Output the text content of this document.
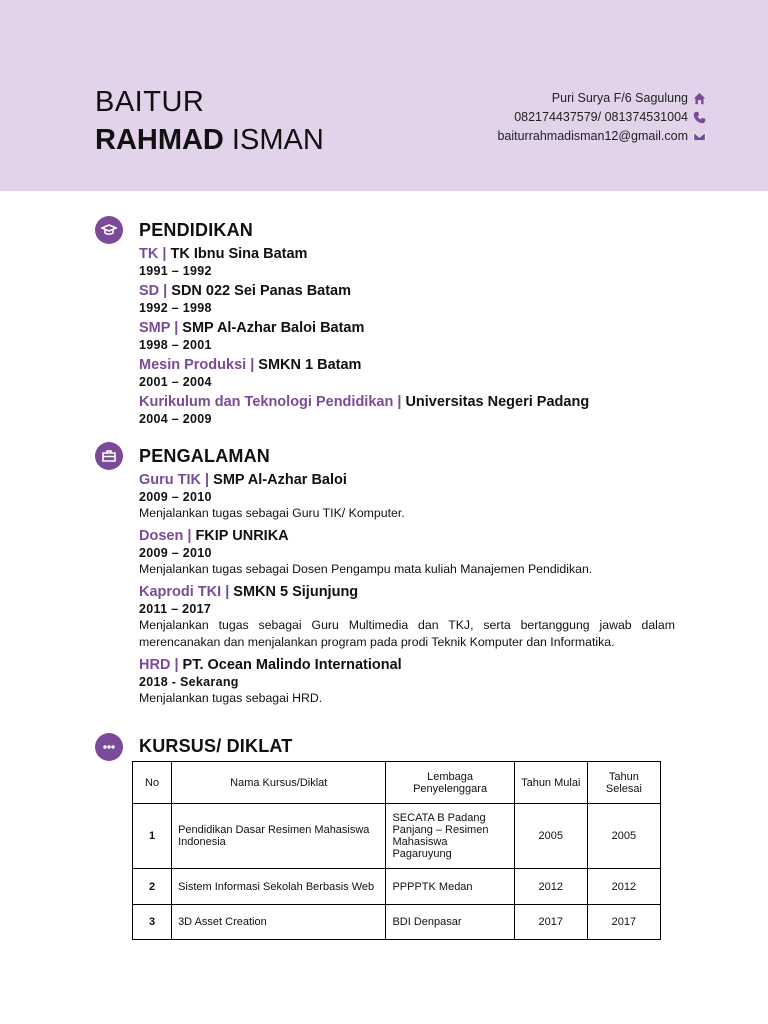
BAITUR
RAHMAD ISMAN
Puri Surya F/6 Sagulung
082174437579/ 081374531004
baiturrahmadisman12@gmail.com
PENDIDIKAN
TK | TK Ibnu Sina Batam
1991 – 1992
SD | SDN 022 Sei Panas Batam
1992 – 1998
SMP | SMP Al-Azhar Baloi Batam
1998 – 2001
Mesin Produksi | SMKN 1 Batam
2001 – 2004
Kurikulum dan Teknologi Pendidikan | Universitas Negeri Padang
2004 – 2009
PENGALAMAN
Guru TIK | SMP Al-Azhar Baloi
2009 – 2010
Menjalankan tugas sebagai Guru TIK/ Komputer.
Dosen | FKIP UNRIKA
2009 – 2010
Menjalankan tugas sebagai Dosen Pengampu mata kuliah Manajemen Pendidikan.
Kaprodi TKI | SMKN 5 Sijunjung
2011 – 2017
Menjalankan tugas sebagai Guru Multimedia dan TKJ, serta bertanggung jawab dalam merencanakan dan menjalankan program pada prodi Teknik Komputer dan Informatika.
HRD | PT. Ocean Malindo International
2018 - Sekarang
Menjalankan tugas sebagai HRD.
KURSUS/ DIKLAT
No	Nama Kursus/Diklat	Lembaga Penyelenggara	Tahun Mulai	Tahun Selesai
1	Pendidikan Dasar Resimen Mahasiswa Indonesia	SECATA B Padang Panjang – Resimen Mahasiswa Pagaruyung	2005	2005
2	Sistem Informasi Sekolah Berbasis Web	PPPPTK Medan	2012	2012
3	3D Asset Creation	BDI Denpasar	2017	2017
